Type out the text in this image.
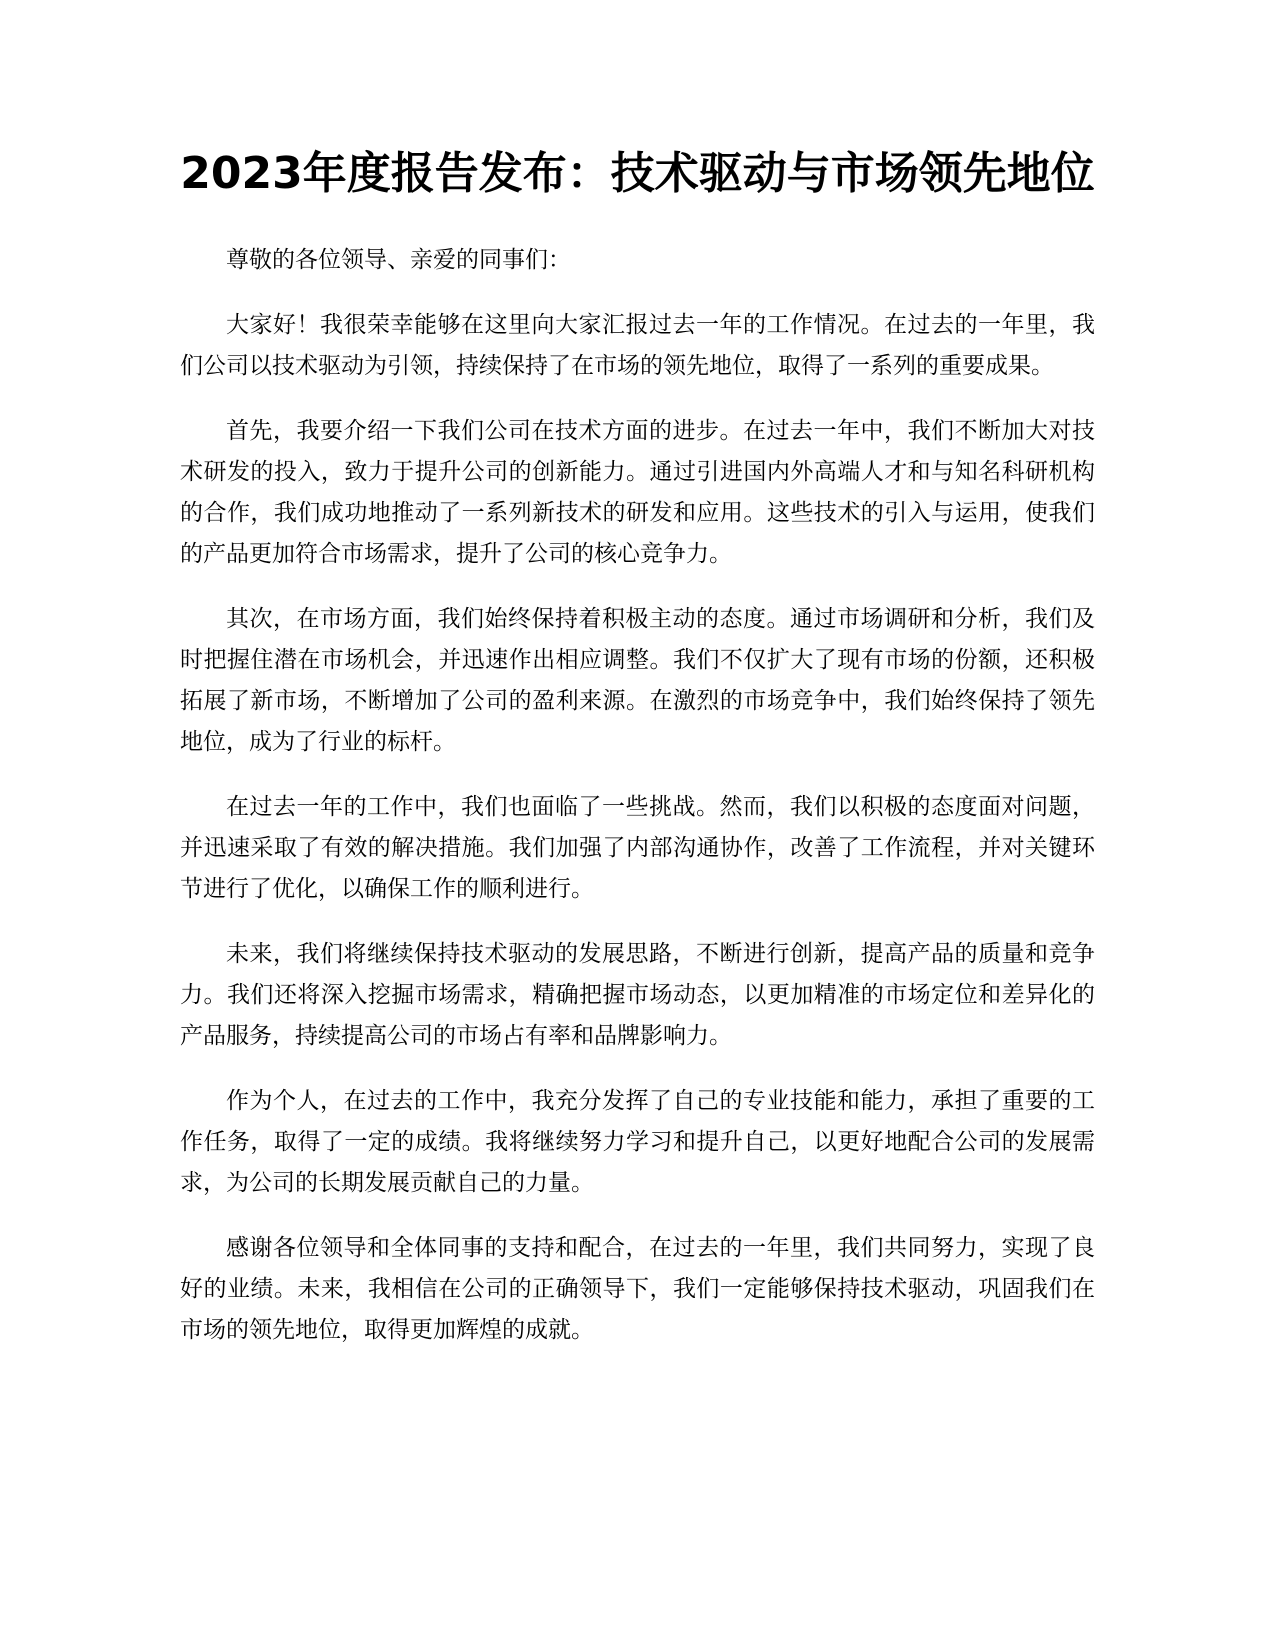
2023年度报告发布：技术驱动与市场领先地位

尊敬的各位领导、亲爱的同事们：

大家好！我很荣幸能够在这里向大家汇报过去一年的工作情况。在过去的一年里，我们公司以技术驱动为引领，持续保持了在市场的领先地位，取得了一系列的重要成果。

首先，我要介绍一下我们公司在技术方面的进步。在过去一年中，我们不断加大对技术研发的投入，致力于提升公司的创新能力。通过引进国内外高端人才和与知名科研机构的合作，我们成功地推动了一系列新技术的研发和应用。这些技术的引入与运用，使我们的产品更加符合市场需求，提升了公司的核心竞争力。

其次，在市场方面，我们始终保持着积极主动的态度。通过市场调研和分析，我们及时把握住潜在市场机会，并迅速作出相应调整。我们不仅扩大了现有市场的份额，还积极拓展了新市场，不断增加了公司的盈利来源。在激烈的市场竞争中，我们始终保持了领先地位，成为了行业的标杆。

在过去一年的工作中，我们也面临了一些挑战。然而，我们以积极的态度面对问题，并迅速采取了有效的解决措施。我们加强了内部沟通协作，改善了工作流程，并对关键环节进行了优化，以确保工作的顺利进行。

未来，我们将继续保持技术驱动的发展思路，不断进行创新，提高产品的质量和竞争力。我们还将深入挖掘市场需求，精确把握市场动态，以更加精准的市场定位和差异化的产品服务，持续提高公司的市场占有率和品牌影响力。

作为个人，在过去的工作中，我充分发挥了自己的专业技能和能力，承担了重要的工作任务，取得了一定的成绩。我将继续努力学习和提升自己，以更好地配合公司的发展需求，为公司的长期发展贡献自己的力量。

感谢各位领导和全体同事的支持和配合，在过去的一年里，我们共同努力，实现了良好的业绩。未来，我相信在公司的正确领导下，我们一定能够保持技术驱动，巩固我们在市场的领先地位，取得更加辉煌的成就。
